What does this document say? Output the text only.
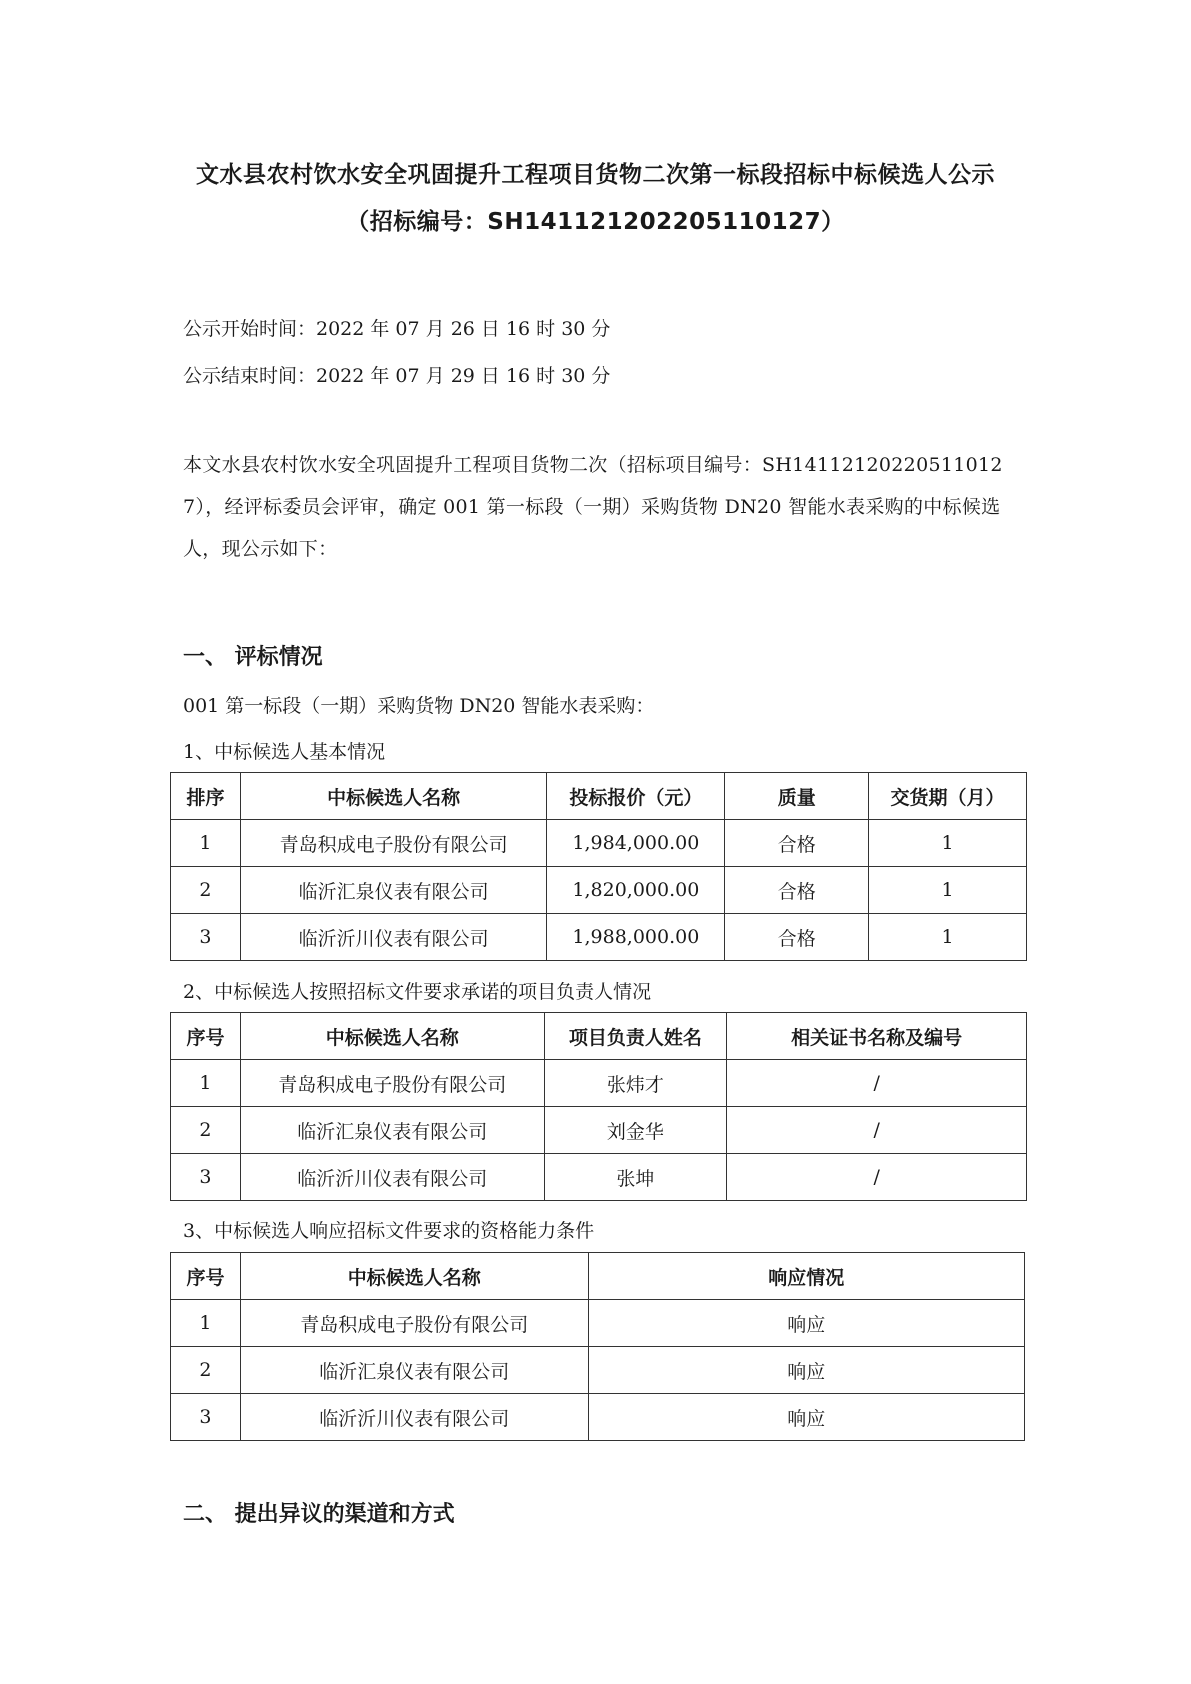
文水县农村饮水安全巩固提升工程项目货物二次第一标段招标中标候选人公示
（招标编号：SH141121202205110127）
公示开始时间：2022 年 07 月 26 日 16 时 30 分
公示结束时间：2022 年 07 月 29 日 16 时 30 分
本文水县农村饮水安全巩固提升工程项目货物二次（招标项目编号：SH141121202205110127），经评标委员会评审，确定 001 第一标段（一期）采购货物 DN20 智能水表采购的中标候选人，现公示如下：
一、 评标情况
001 第一标段（一期）采购货物 DN20 智能水表采购：
1、中标候选人基本情况
排序	中标候选人名称	投标报价（元）	质量	交货期（月）
1	青岛积成电子股份有限公司	1,984,000.00	合格	1
2	临沂汇泉仪表有限公司	1,820,000.00	合格	1
3	临沂沂川仪表有限公司	1,988,000.00	合格	1
2、中标候选人按照招标文件要求承诺的项目负责人情况
序号	中标候选人名称	项目负责人姓名	相关证书名称及编号
1	青岛积成电子股份有限公司	张炜才	/
2	临沂汇泉仪表有限公司	刘金华	/
3	临沂沂川仪表有限公司	张坤	/
3、中标候选人响应招标文件要求的资格能力条件
序号	中标候选人名称	响应情况
1	青岛积成电子股份有限公司	响应
2	临沂汇泉仪表有限公司	响应
3	临沂沂川仪表有限公司	响应
二、 提出异议的渠道和方式
